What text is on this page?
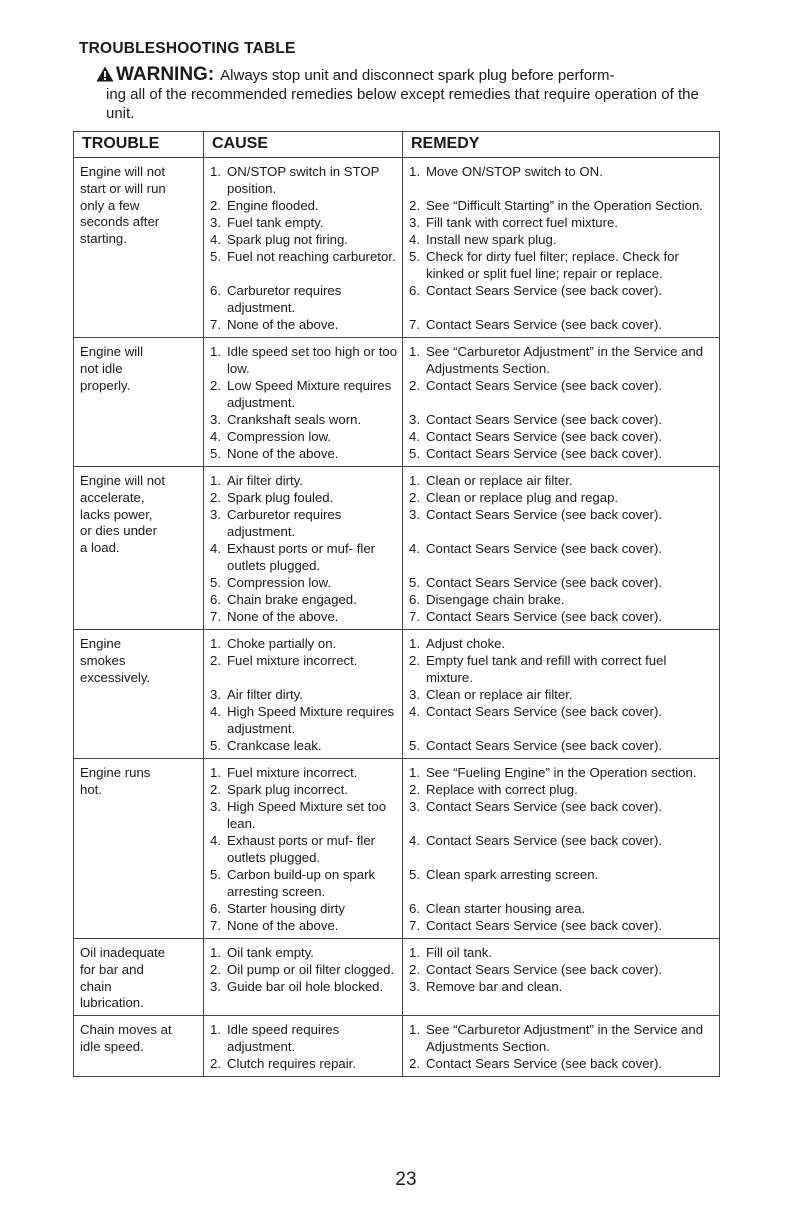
TROUBLESHOOTING TABLE
WARNING: Always stop unit and disconnect spark plug before perform-
ing all of the recommended remedies below except remedies that require operation of the unit.
TROUBLE	CAUSE	REMEDY
Engine will not
start or will run
only a few
seconds after
starting.
1. ON/STOP switch in STOP position.
2. Engine flooded.
3. Fuel tank empty.
4. Spark plug not firing.
5. Fuel not reaching carburetor.
6. Carburetor requires adjustment.
7. None of the above.
1. Move ON/STOP switch to ON.
2. See “Difficult Starting” in the Operation Section.
3. Fill tank with correct fuel mixture.
4. Install new spark plug.
5. Check for dirty fuel filter; replace. Check for kinked or split fuel line; repair or replace.
6. Contact Sears Service (see back cover).
7. Contact Sears Service (see back cover).
Engine will
not idle
properly.
1. Idle speed set too high or too low.
2. Low Speed Mixture requires adjustment.
3. Crankshaft seals worn.
4. Compression low.
5. None of the above.
1. See “Carburetor Adjustment” in the Service and Adjustments Section.
2. Contact Sears Service (see back cover).
3. Contact Sears Service (see back cover).
4. Contact Sears Service (see back cover).
5. Contact Sears Service (see back cover).
Engine will not
accelerate,
lacks power,
or dies under
a load.
1. Air filter dirty.
2. Spark plug fouled.
3. Carburetor requires adjustment.
4. Exhaust ports or muf- fler outlets plugged.
5. Compression low.
6. Chain brake engaged.
7. None of the above.
1. Clean or replace air filter.
2. Clean or replace plug and regap.
3. Contact Sears Service (see back cover).
4. Contact Sears Service (see back cover).
5. Contact Sears Service (see back cover).
6. Disengage chain brake.
7. Contact Sears Service (see back cover).
Engine
smokes
excessively.
1. Choke partially on.
2. Fuel mixture incorrect.
3. Air filter dirty.
4. High Speed Mixture requires adjustment.
5. Crankcase leak.
1. Adjust choke.
2. Empty fuel tank and refill with correct fuel mixture.
3. Clean or replace air filter.
4. Contact Sears Service (see back cover).
5. Contact Sears Service (see back cover).
Engine runs
hot.
1. Fuel mixture incorrect.
2. Spark plug incorrect.
3. High Speed Mixture set too lean.
4. Exhaust ports or muf- fler outlets plugged.
5. Carbon build-up on spark arresting screen.
6. Starter housing dirty
7. None of the above.
1. See “Fueling Engine” in the Operation section.
2. Replace with correct plug.
3. Contact Sears Service (see back cover).
4. Contact Sears Service (see back cover).
5. Clean spark arresting screen.
6. Clean starter housing area.
7. Contact Sears Service (see back cover).
Oil inadequate
for bar and
chain
lubrication.
1. Oil tank empty.
2. Oil pump or oil filter clogged.
3. Guide bar oil hole blocked.
1. Fill oil tank.
2. Contact Sears Service (see back cover).
3. Remove bar and clean.
Chain moves at
idle speed.
1. Idle speed requires adjustment.
2. Clutch requires repair.
1. See “Carburetor Adjustment” in the Service and Adjustments Section.
2. Contact Sears Service (see back cover).
23
